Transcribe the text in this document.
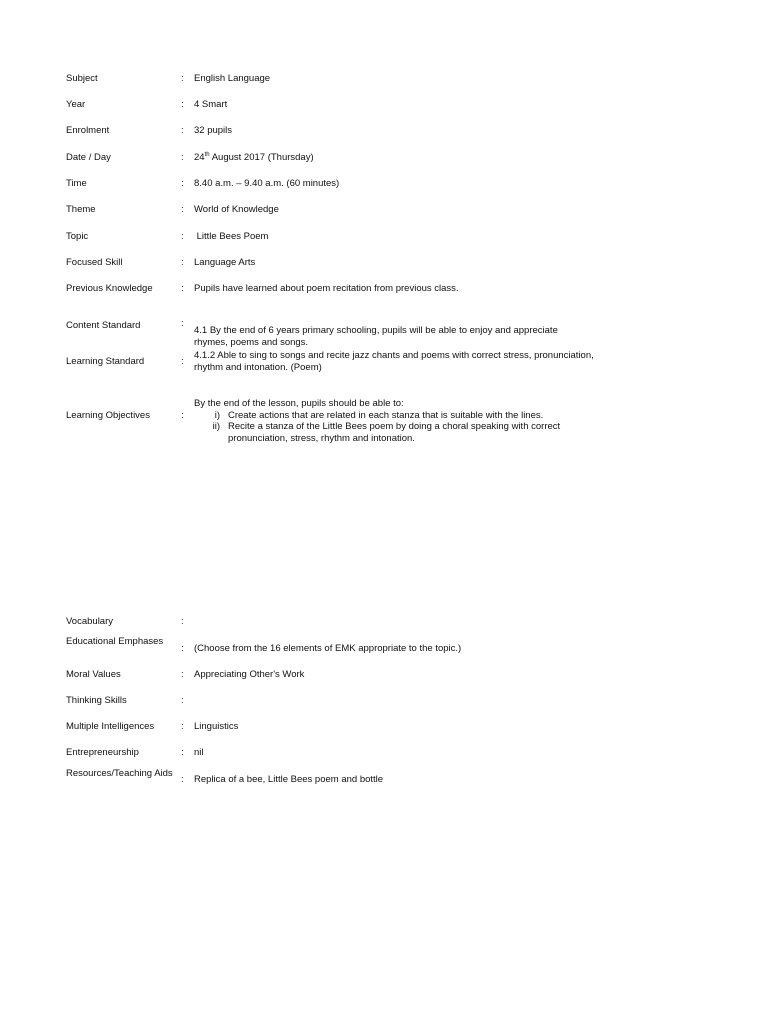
Subject	: English Language
Year	: 4 Smart
Enrolment	: 32 pupils
Date / Day	: 24th August 2017 (Thursday)
Time	: 8.40 a.m. – 9.40 a.m. (60 minutes)
Theme	: World of Knowledge
Topic	: Little Bees Poem
Focused Skill	: Language Arts
Previous Knowledge	: Pupils have learned about poem recitation from previous class.
Content Standard	:
4.1 By the end of 6 years primary schooling, pupils will be able to enjoy and appreciate rhymes, poems and songs.
Learning Standard	:
4.1.2 Able to sing to songs and recite jazz chants and poems with correct stress, pronunciation, rhythm and intonation. (Poem)
Learning Objectives	:
By the end of the lesson, pupils should be able to:
i) Create actions that are related in each stanza that is suitable with the lines.
ii) Recite a stanza of the Little Bees poem by doing a choral speaking with correct pronunciation, stress, rhythm and intonation.
Vocabulary	:
Educational Emphases
: (Choose from the 16 elements of EMK appropriate to the topic.)
Moral Values	: Appreciating Other's Work
Thinking Skills	:
Multiple Intelligences	: Linguistics
Entrepreneurship	: nil
Resources/Teaching Aids
: Replica of a bee, Little Bees poem and bottle
